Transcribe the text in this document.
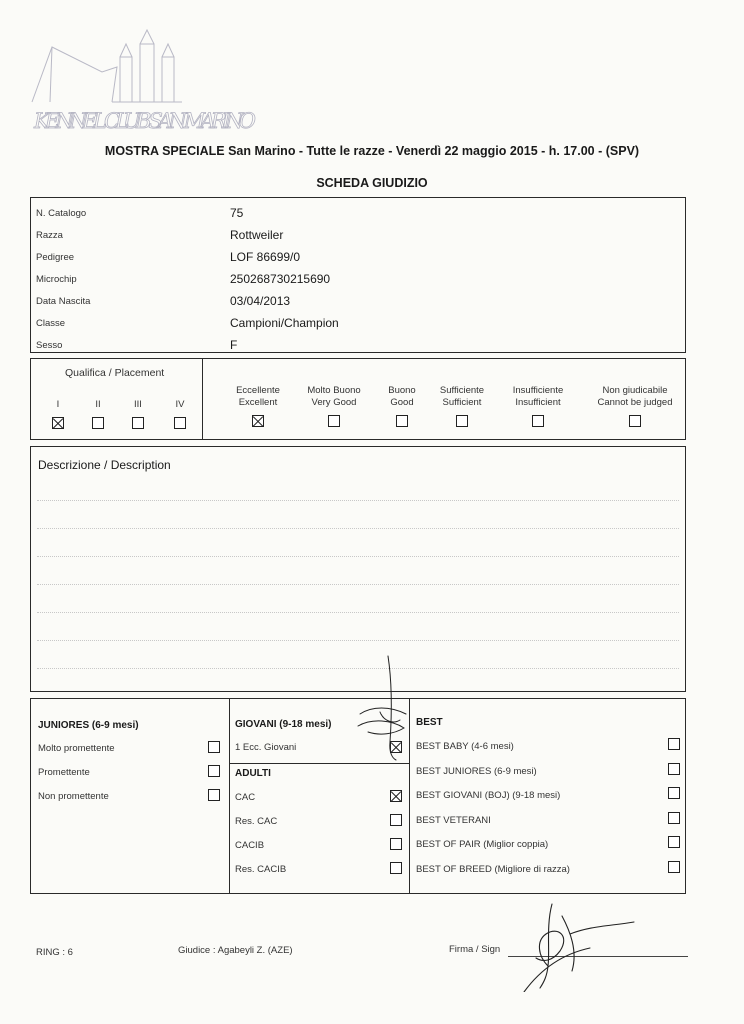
KENNEL CLUB SAN MARINO
MOSTRA SPECIALE San Marino - Tutte le razze - Venerdì 22 maggio 2015 - h. 17.00 - (SPV)
SCHEDA GIUDIZIO
N. Catalogo	75
Razza	Rottweiler
Pedigree	LOF 86699/0
Microchip	250268730215690
Data Nascita	03/04/2013
Classe	Campioni/Champion
Sesso	F
Qualifica / Placement
I	II	III	IV
Eccellente
Excellent
Molto Buono
Very Good
Buono
Good
Sufficiente
Sufficient
Insufficiente
Insufficient
Non giudicabile
Cannot be judged
Descrizione / Description
JUNIORES (6-9 mesi)
Molto promettente
Promettente
Non promettente
GIOVANI (9-18 mesi)
1 Ecc. Giovani
ADULTI
CAC
Res. CAC
CACIB
Res. CACIB
BEST
BEST BABY (4-6 mesi)
BEST JUNIORES (6-9 mesi)
BEST GIOVANI (BOJ) (9-18 mesi)
BEST VETERANI
BEST OF PAIR (Miglior coppia)
BEST OF BREED (Migliore di razza)
RING : 6	Giudice : Agabeyli Z. (AZE)	Firma / Sign
